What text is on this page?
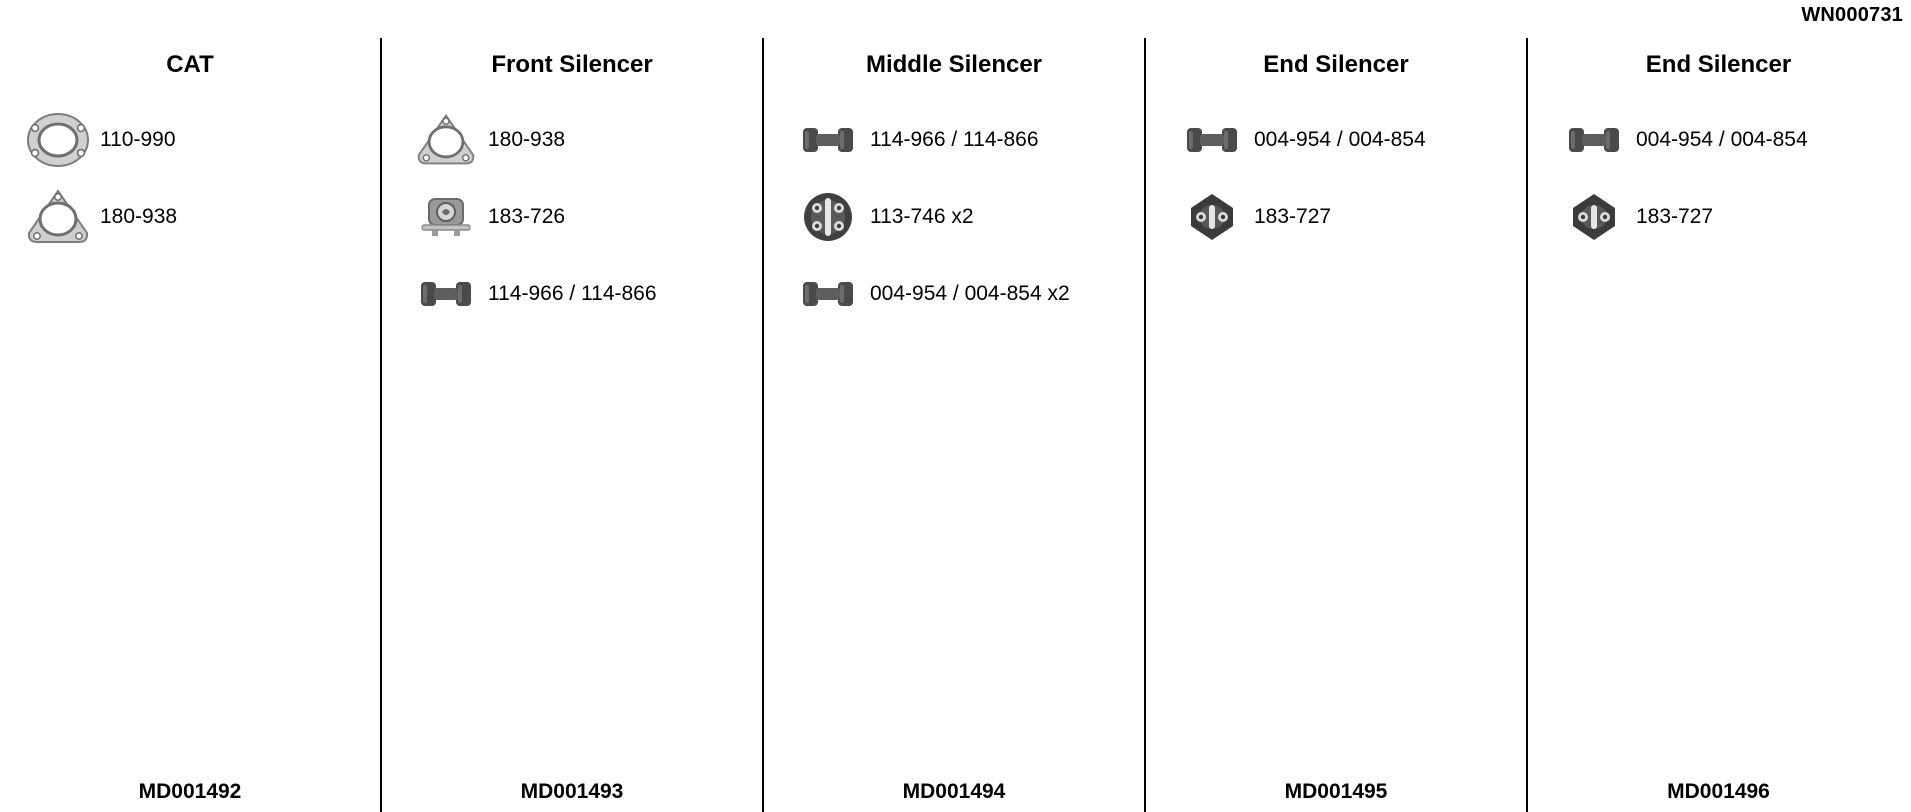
WN000731
CAT
110-990
180-938
MD001492
Front Silencer
180-938
183-726
114-966 / 114-866
MD001493
Middle Silencer
114-966 / 114-866
113-746 x2
004-954 / 004-854 x2
MD001494
End Silencer
004-954 / 004-854
183-727
MD001495
End Silencer
004-954 / 004-854
183-727
MD001496
